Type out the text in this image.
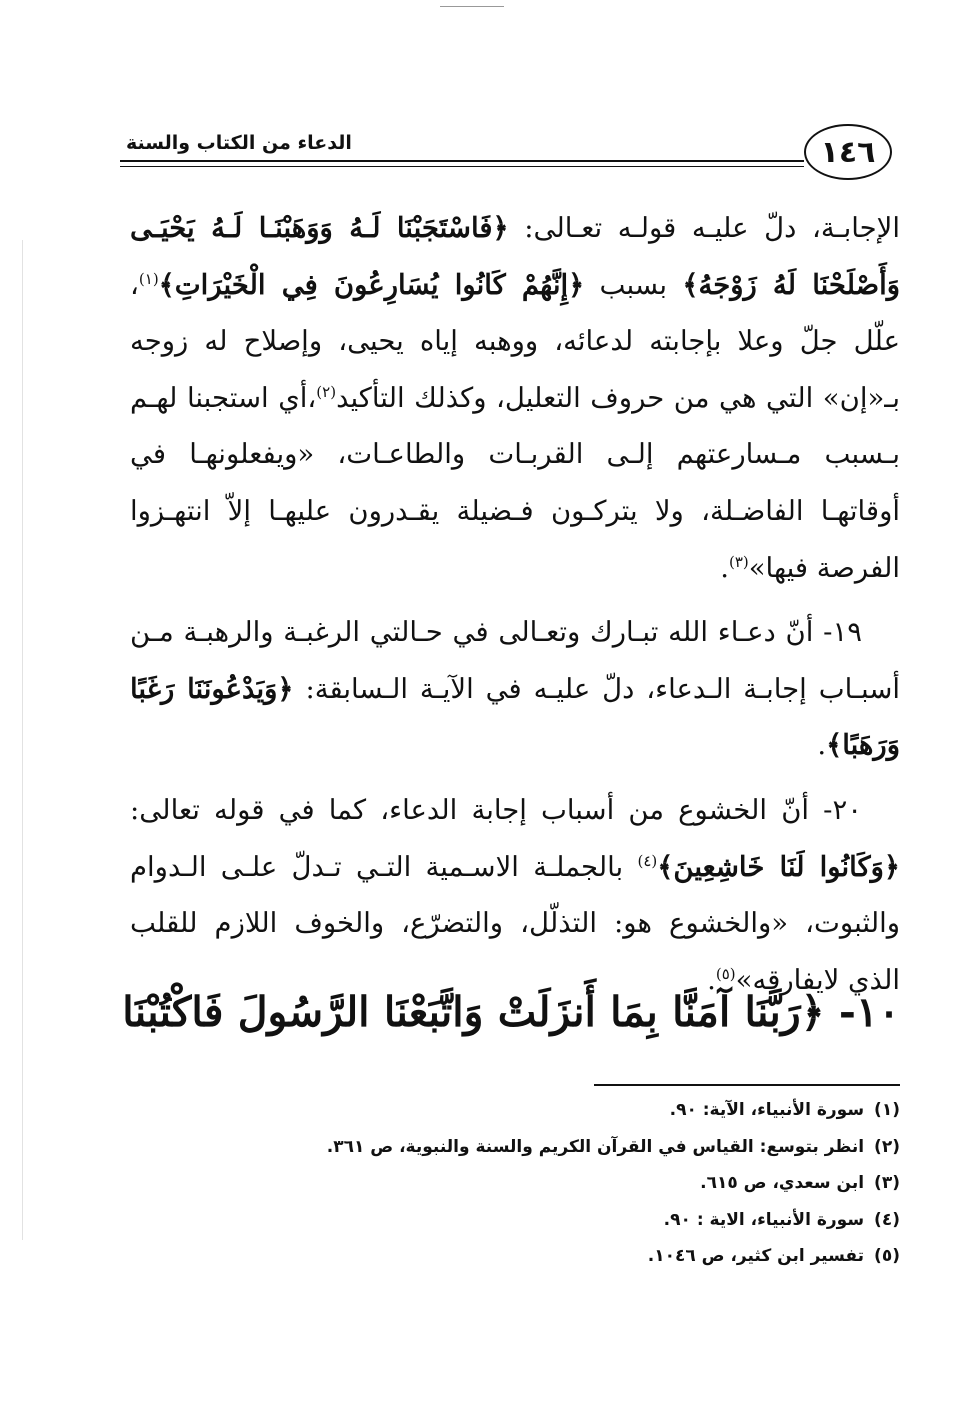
الدعاء من الكتاب والسنة	١٤٦

الإجابـة، دلّ عليـه قولـه تعـالى: ﴿فَاسْتَجَبْنَا لَـهُ وَوَهَبْنَـا لَـهُ يَحْيَـى وَأَصْلَحْنَا لَهُ زَوْجَهُ﴾ بسبب ﴿إِنَّهُمْ كَانُوا يُسَارِعُونَ فِي الْخَيْرَاتِ﴾$^{(١)}$، علّل جلّ وعلا بإجابته لدعائه، ووهبه إياه يحيى، وإصلاح له زوجه بـ«إن» التي هي من حروف التعليل، وكذلك التأكيد$^{(٢)}$،أي استجبنا لهـم بـسبب مـسارعتهم إلـى القربـات والطاعـات، «ويفعلونهـا في أوقاتهـا الفاضـلة، ولا يتركـون فـضيلة يقـدرون عليهـا إلاّ انتهـزوا الفرصة فيها»$^{(٣)}$.

١٩- أنّ دعـاء الله تبـارك وتعـالى في حـالتي الرغبـة والرهبـة مـن أسبـاب إجابـة الـدعاء، دلّ عليـه في الآيـة الـسابقة: ﴿وَيَدْعُونَنَا رَغَبًا وَرَهَبًا﴾.

٢٠- أنّ الخشوع من أسباب إجابة الدعاء، كما في قوله تعالى: ﴿وَكَانُوا لَنَا خَاشِعِينَ﴾$^{(٤)}$ بالجملـة الاسـمية التـي تـدلّ علـى الـدوام والثبوت، «والخشوع هو: التذلّل، والتضرّع، والخوف اللازم للقلب الذي لايفارقه»$^{(٥)}$.

١٠- ﴿رَبَّنَا آمَنَّا بِمَا أَنزَلَتْ وَاتَّبَعْنَا الرَّسُولَ فَاكْتُبْنَا
(١)سورة الأنبياء، الآية: ٩٠.
(٢)انظر بتوسع: القياس في القرآن الكريم والسنة والنبوية، ص ٣٦١.
(٣)ابن سعدي، ص ٦١٥.
(٤)سورة الأنبياء، الاية : ٩٠.
(٥)تفسير ابن كثير، ص ١٠٤٦.
